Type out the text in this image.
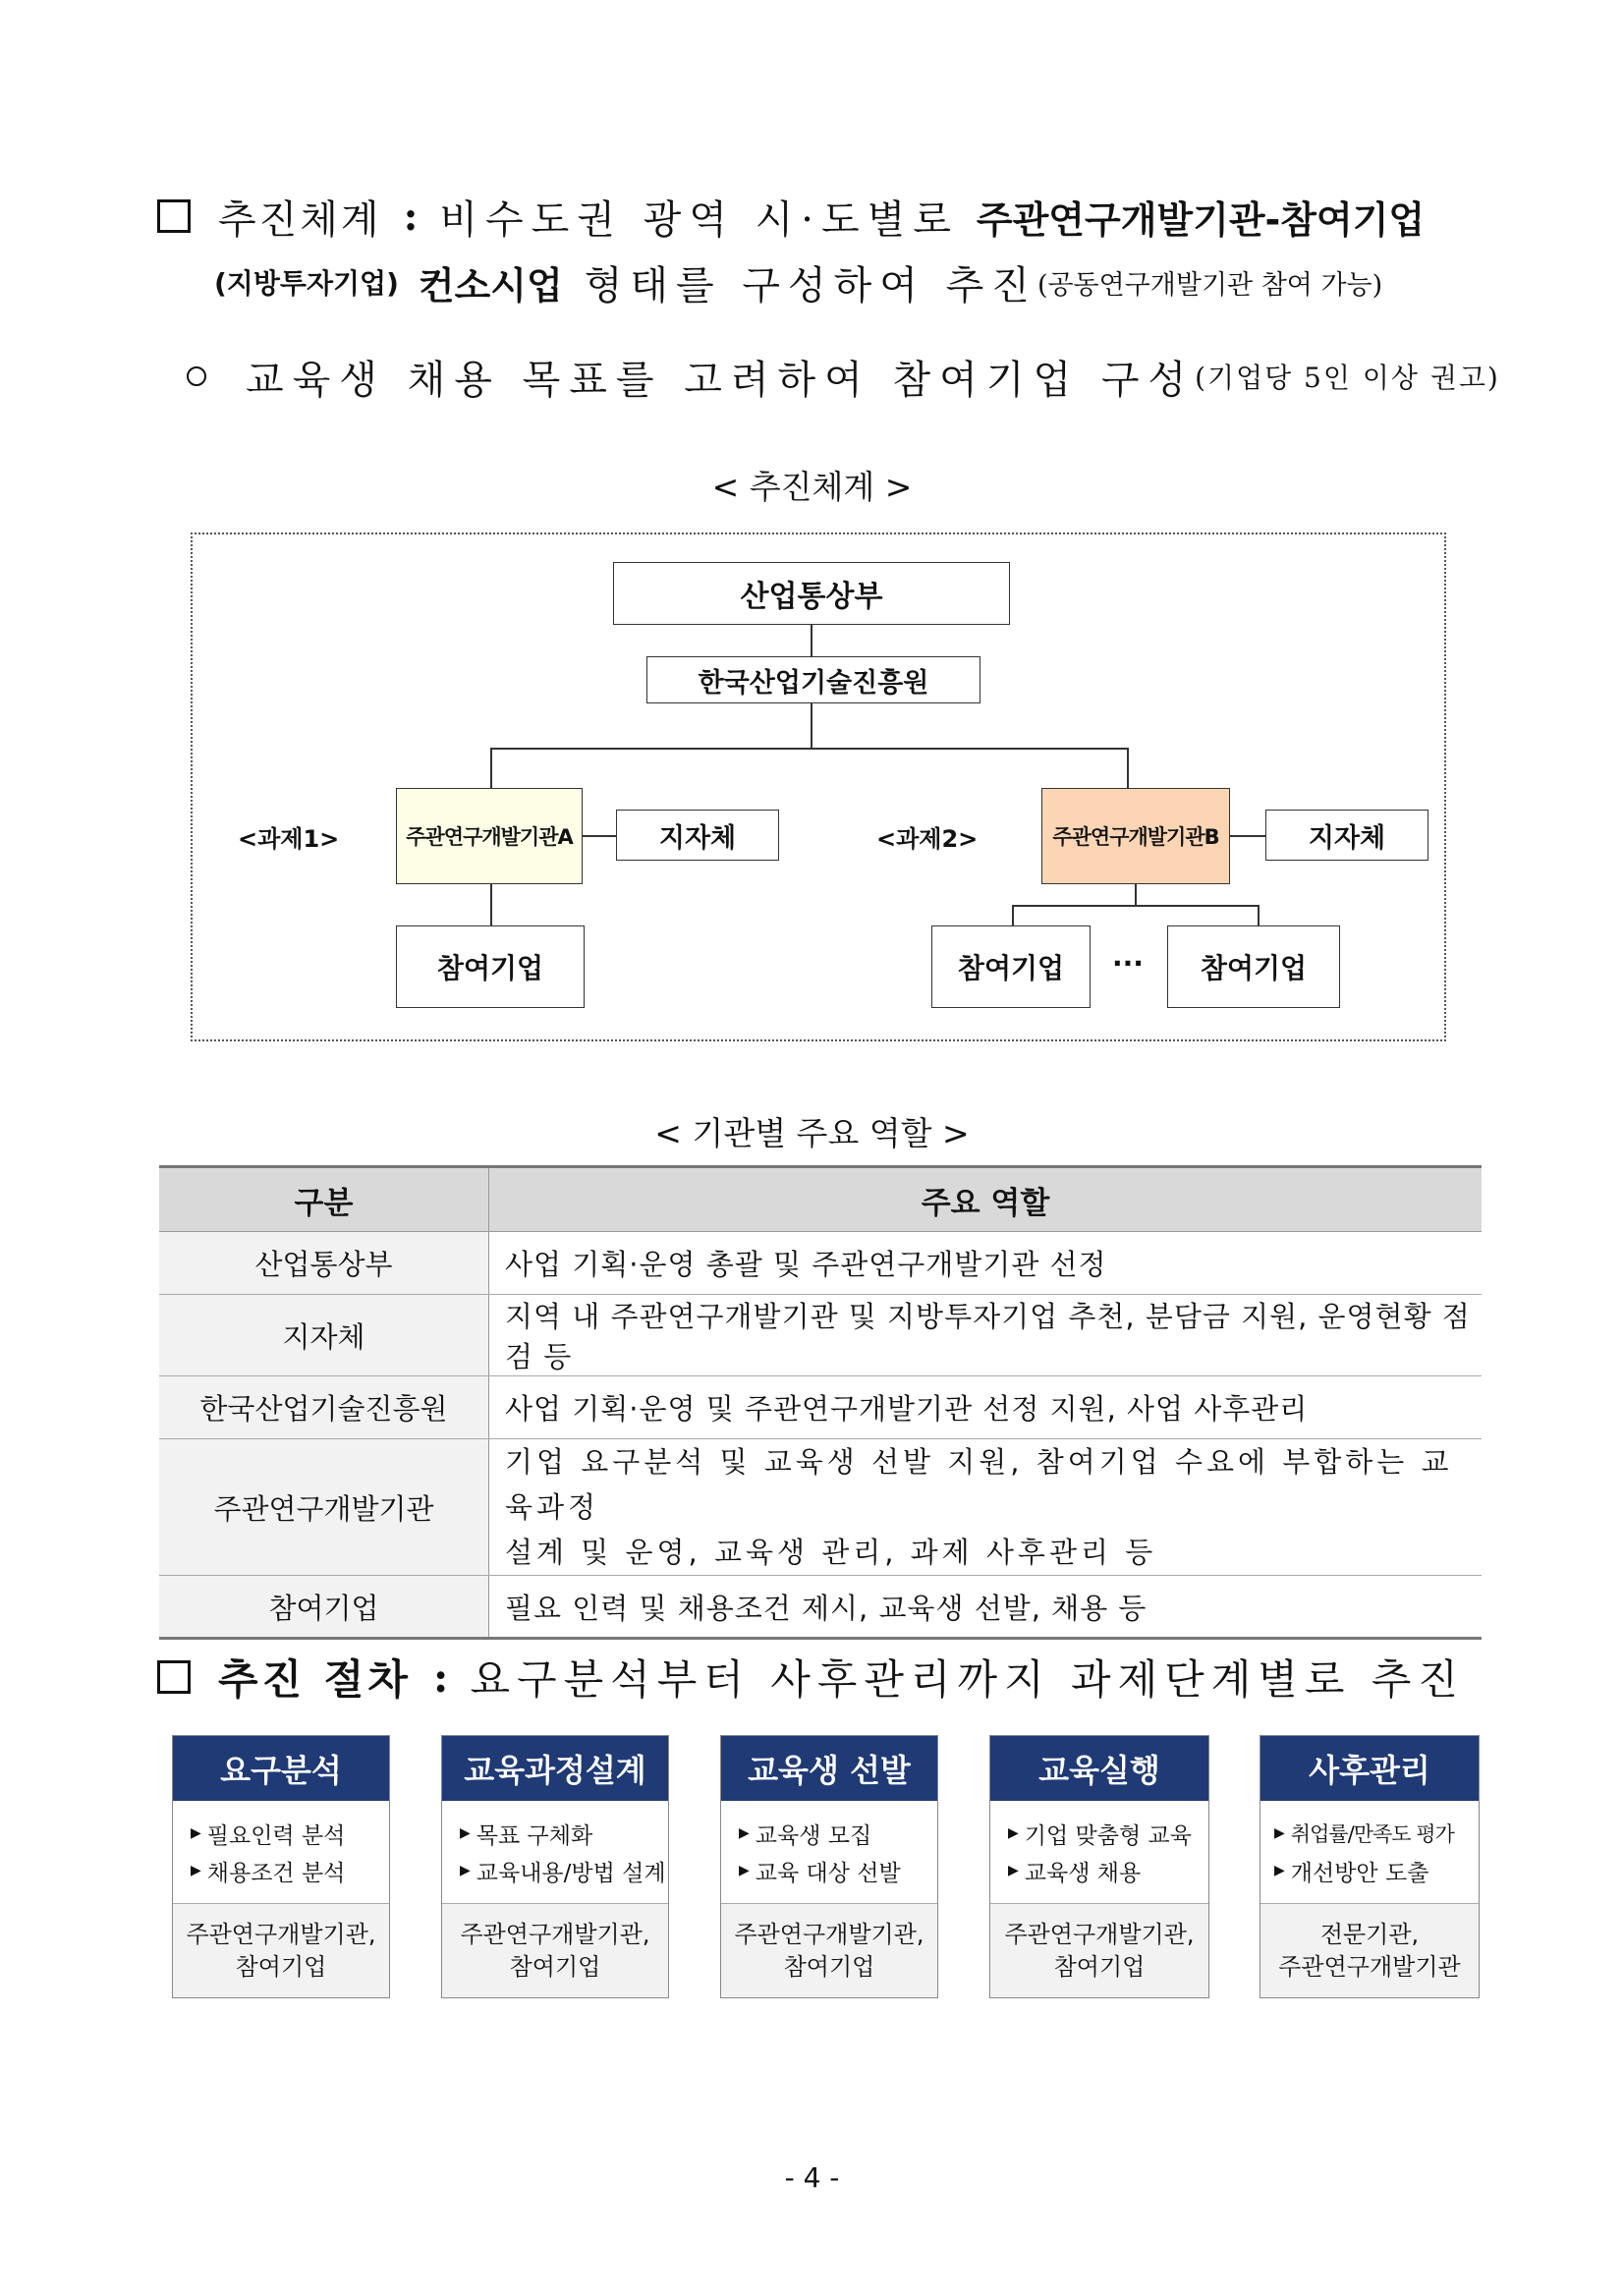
추진체계 : 비수도권 광역 시·도별로 주관연구개발기관-참여기업
(지방투자기업) 컨소시업 형태를 구성하여 추진 (공동연구개발기관 참여 가능)
교육생 채용 목표를 고려하여 참여기업 구성 (기업당 5인 이상 권고)
< 추진체계 >
산업통상부
한국산업기술진흥원
<과제1>	주관연구개발기관A	지자체
참여기업
<과제2>	주관연구개발기관B	지자체
참여기업	···	참여기업
< 기관별 주요 역할 >
구분	주요 역할
산업통상부	사업 기획·운영 총괄 및 주관연구개발기관 선정
지자체	지역 내 주관연구개발기관 및 지방투자기업 추천, 분담금 지원, 운영현황 점검 등
한국산업기술진흥원	사업 기획·운영 및 주관연구개발기관 선정 지원, 사업 사후관리
주관연구개발기관	기업 요구분석 및 교육생 선발 지원, 참여기업 수요에 부합하는 교육과정
설계 및 운영, 교육생 관리, 과제 사후관리 등

참여기업	필요 인력 및 채용조건 제시, 교육생 선발, 채용 등
추진 절차 : 요구분석부터 사후관리까지 과제단계별로 추진
요구분석
▶ 필요인력 분석
▶ 채용조건 분석
주관연구개발기관,
참여기업
교육과정설계
▶ 목표 구체화
▶ 교육내용/방법 설계
주관연구개발기관,
참여기업
교육생 선발
▶ 교육생 모집
▶ 교육 대상 선발
주관연구개발기관,
참여기업
교육실행
▶ 기업 맞춤형 교육
▶ 교육생 채용
주관연구개발기관,
참여기업
사후관리
▶ 취업률/만족도 평가
▶ 개선방안 도출
전문기관,
주관연구개발기관
- 4 -
